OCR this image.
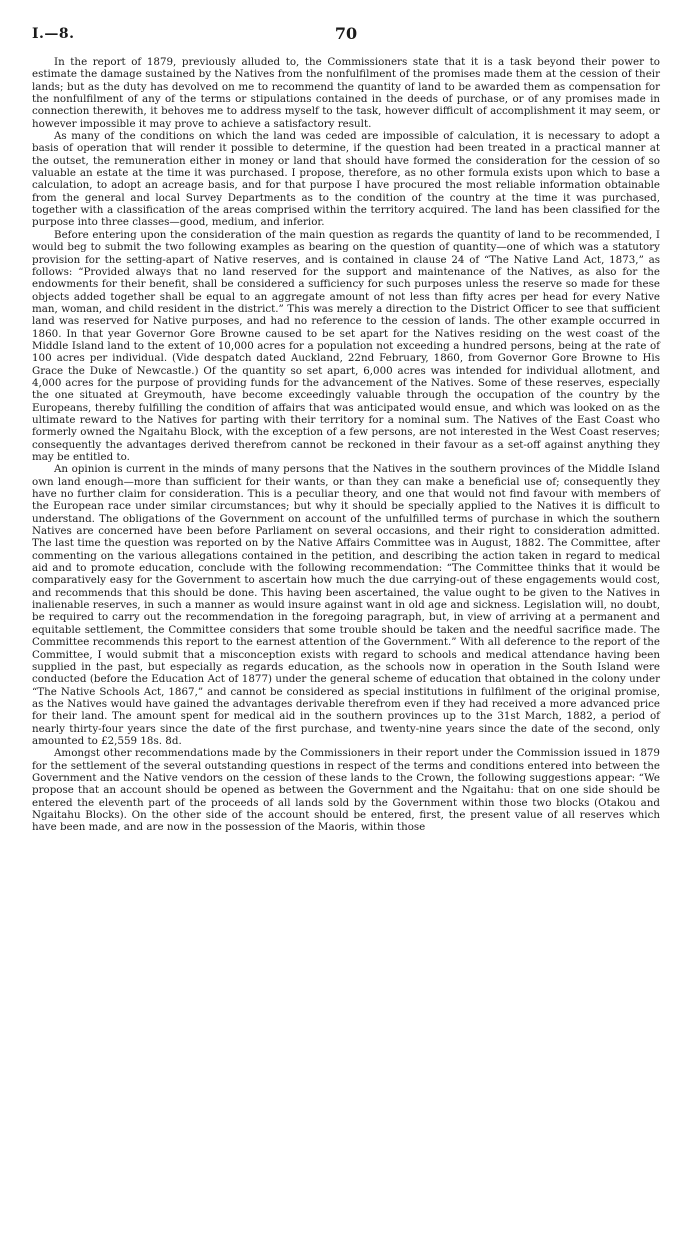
I.—8.	70

In the report of 1879, previously alluded to, the Commissioners state that it is a task beyond their power to estimate the damage sustained by the Natives from the nonfulfilment of the promises made them at the cession of their lands; but as the duty has devolved on me to recommend the quantity of land to be awarded them as compensation for the nonfulfilment of any of the terms or stipulations contained in the deeds of purchase, or of any promises made in connection therewith, it behoves me to address myself to the task, however difficult of accomplishment it may seem, or however impossible it may prove to achieve a satisfactory result.

As many of the conditions on which the land was ceded are impossible of calculation, it is necessary to adopt a basis of operation that will render it possible to determine, if the question had been treated in a practical manner at the outset, the remuneration either in money or land that should have formed the consideration for the cession of so valuable an estate at the time it was purchased. I propose, therefore, as no other formula exists upon which to base a calculation, to adopt an acreage basis, and for that purpose I have procured the most reliable information obtainable from the general and local Survey Departments as to the condition of the country at the time it was purchased, together with a classification of the areas comprised within the territory acquired. The land has been classified for the purpose into three classes—good, medium, and inferior.

Before entering upon the consideration of the main question as regards the quantity of land to be recommended, I would beg to submit the two following examples as bearing on the question of quantity—one of which was a statutory provision for the setting-apart of Native reserves, and is contained in clause 24 of “The Native Land Act, 1873,” as follows: “Provided always that no land reserved for the support and maintenance of the Natives, as also for the endowments for their benefit, shall be considered a sufficiency for such purposes unless the reserve so made for these objects added together shall be equal to an aggregate amount of not less than fifty acres per head for every Native man, woman, and child resident in the district.” This was merely a direction to the District Officer to see that sufficient land was reserved for Native purposes, and had no reference to the cession of lands. The other example occurred in 1860. In that year Governor Gore Browne caused to be set apart for the Natives residing on the west coast of the Middle Island land to the extent of 10,000 acres for a population not exceeding a hundred persons, being at the rate of 100 acres per individual. (Vide despatch dated Auckland, 22nd February, 1860, from Governor Gore Browne to His Grace the Duke of Newcastle.) Of the quantity so set apart, 6,000 acres was intended for individual allotment, and 4,000 acres for the purpose of providing funds for the advancement of the Natives. Some of these reserves, especially the one situated at Greymouth, have become exceedingly valuable through the occupation of the country by the Europeans, thereby fulfilling the condition of affairs that was anticipated would ensue, and which was looked on as the ultimate reward to the Natives for parting with their territory for a nominal sum. The Natives of the East Coast who formerly owned the Ngaitahu Block, with the exception of a few persons, are not interested in the West Coast reserves; consequently the advantages derived therefrom cannot be reckoned in their favour as a set-off against anything they may be entitled to.

An opinion is current in the minds of many persons that the Natives in the southern provinces of the Middle Island own land enough—more than sufficient for their wants, or than they can make a beneficial use of; consequently they have no further claim for consideration. This is a peculiar theory, and one that would not find favour with members of the European race under similar circumstances; but why it should be specially applied to the Natives it is difficult to understand. The obligations of the Government on account of the unfulfilled terms of purchase in which the southern Natives are concerned have been before Parliament on several occasions, and their right to consideration admitted. The last time the question was reported on by the Native Affairs Committee was in August, 1882. The Committee, after commenting on the various allegations contained in the petition, and describing the action taken in regard to medical aid and to promote education, conclude with the following recommendation: “The Committee thinks that it would be comparatively easy for the Government to ascertain how much the due carrying-out of these engagements would cost, and recommends that this should be done. This having been ascertained, the value ought to be given to the Natives in inalienable reserves, in such a manner as would insure against want in old age and sickness. Legislation will, no doubt, be required to carry out the recommendation in the foregoing paragraph, but, in view of arriving at a permanent and equitable settlement, the Committee considers that some trouble should be taken and the needful sacrifice made. The Committee recommends this report to the earnest attention of the Government.” With all deference to the report of the Committee, I would submit that a misconception exists with regard to schools and medical attendance having been supplied in the past, but especially as regards education, as the schools now in operation in the South Island were conducted (before the Education Act of 1877) under the general scheme of education that obtained in the colony under “The Native Schools Act, 1867,” and cannot be considered as special institutions in fulfilment of the original promise, as the Natives would have gained the advantages derivable therefrom even if they had received a more advanced price for their land. The amount spent for medical aid in the southern provinces up to the 31st March, 1882, a period of nearly thirty-four years since the date of the first purchase, and twenty-nine years since the date of the second, only amounted to £2,559 18s. 8d.

Amongst other recommendations made by the Commissioners in their report under the Commission issued in 1879 for the settlement of the several outstanding questions in respect of the terms and conditions entered into between the Government and the Native vendors on the cession of these lands to the Crown, the following suggestions appear: “We propose that an account should be opened as between the Government and the Ngaitahu: that on one side should be entered the eleventh part of the proceeds of all lands sold by the Government within those two blocks (Otakou and Ngaitahu Blocks). On the other side of the account should be entered, first, the present value of all reserves which have been made, and are now in the possession of the Maoris, within those
